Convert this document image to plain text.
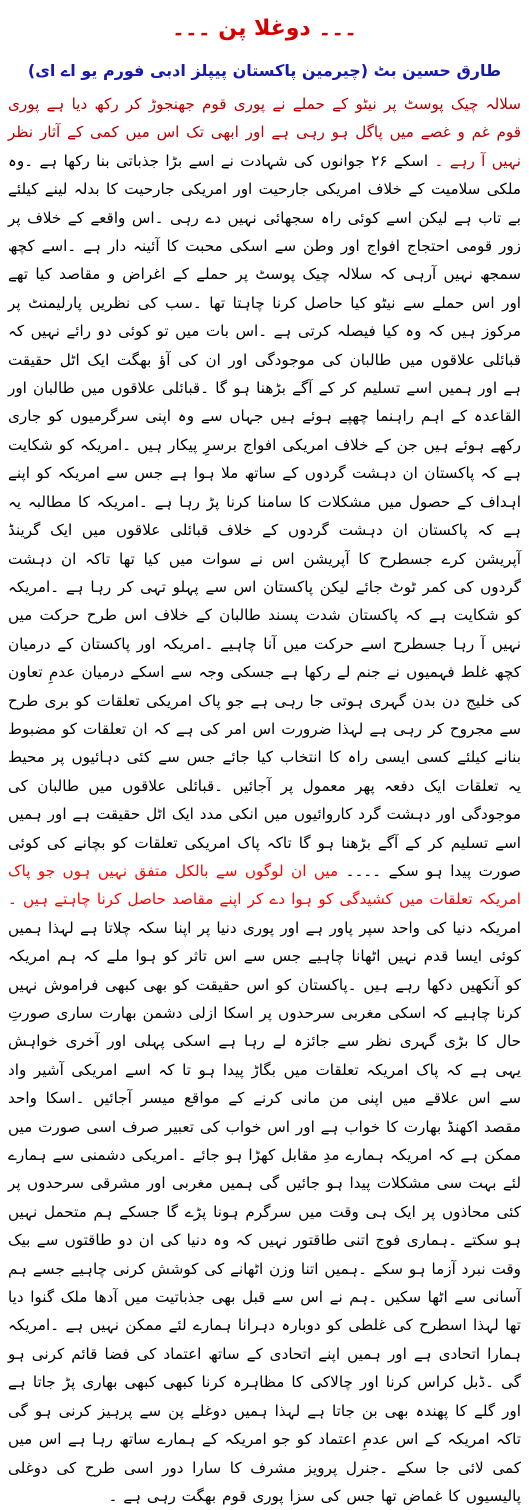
۔۔۔ دوغلا پن ۔۔۔
طارق حسین بٹ (چیرمین پاکستان پیپلز ادبی فورم یو اے ای)

سلالہ چیک پوسٹ پر نیٹو کے حملے نے پوری قوم جھنجوڑ کر رکھ دیا ہے پوری قوم غم و غصے میں پاگل ہو رہی ہے اور ابھی تک اس میں کمی کے آثار نظر نہیں آ رہے ۔ اسکے ۲۶ جوانوں کی شہادت نے اسے بڑا جذباتی بنا رکھا ہے ۔وہ ملکی سلامیت کے خلاف امریکی جارحیت اور امریکی جارحیت کا بدلہ لینے کیلئے بے تاب ہے لیکن اسے کوئی راہ سجھائی نہیں دے رہی ۔اس واقعے کے خلاف پر زور قومی احتجاج افواج اور وطن سے اسکی محبت کا آئینہ دار ہے ۔اسے کچھ سمجھ نہیں آرہی کہ سلالہ چیک پوسٹ پر حملے کے اغراض و مقاصد کیا تھے اور اس حملے سے نیٹو کیا حاصل کرنا چاہتا تھا ۔سب کی نظریں پارلیمنٹ پر مرکوز ہیں کہ وہ کیا فیصلہ کرتی ہے ۔اس بات میں تو کوئی دو رائے نہیں کہ قبائلی علاقوں میں طالبان کی موجودگی اور ان کی آؤ بھگت ایک اٹل حقیقت ہے اور ہمیں اسے تسلیم کر کے آگے بڑھنا ہو گا ۔قبائلی علاقوں میں طالبان اور القاعدہ کے اہم راہنما چھپے ہوئے ہیں جہاں سے وہ اپنی سرگرمیوں کو جاری رکھے ہوئے ہیں جن کے خلاف امریکی افواج برسرِ پیکار ہیں ۔امریکہ کو شکایت ہے کہ پاکستان ان دہشت گردوں کے ساتھ ملا ہوا ہے جس سے امریکہ کو اپنے اہداف کے حصول میں مشکلات کا سامنا کرنا پڑ رہا ہے ۔امریکہ کا مطالبہ یہ ہے کہ پاکستان ان دہشت گردوں کے خلاف قبائلی علاقوں میں ایک گرینڈ آپریشن کرے جسطرح کا آپریشن اس نے سوات میں کیا تھا تاکہ ان دہشت گردوں کی کمر ٹوٹ جائے لیکن پاکستان اس سے پہلو تہی کر رہا ہے ۔امریکہ کو شکایت ہے کہ پاکستان شدت پسند طالبان کے خلاف اس طرح حرکت میں نہیں آ رہا جسطرح اسے حرکت میں آنا چاہیے ۔امریکہ اور پاکستان کے درمیان کچھ غلط فہمیوں نے جنم لے رکھا ہے جسکی وجہ سے اسکے درمیان عدمِ تعاون کی خلیج دن بدن گہری ہوتی جا رہی ہے جو پاک امریکی تعلقات کو بری طرح سے مجروح کر رہی ہے لہذا ضرورت اس امر کی ہے کہ ان تعلقات کو مضبوط بنانے کیلئے کسی ایسی راہ کا انتخاب کیا جائے جس سے کئی دہائیوں پر محیط یہ تعلقات ایک دفعہ پھر معمول پر آجائیں ۔قبائلی علاقوں میں طالبان کی موجودگی اور دہشت گرد کاروائیوں میں انکی مدد ایک اٹل حقیقت ہے اور ہمیں اسے تسلیم کر کے آگے بڑھنا ہو گا تاکہ پاک امریکی تعلقات کو بچانے کی کوئی صورت پیدا ہو سکے ۔۔۔۔ میں ان لوگوں سے بالکل متفق نہیں ہوں جو پاک امریکہ تعلقات میں کشیدگی کو ہوا دے کر اپنے مقاصد حاصل کرنا چاہتے ہیں ۔ امریکہ دنیا کی واحد سپر پاور ہے اور پوری دنیا پر اپنا سکہ چلاتا ہے لہذا ہمیں کوئی ایسا قدم نہیں اٹھانا چاہیے جس سے اس تاثر کو ہوا ملے کہ ہم امریکہ کو آنکھیں دکھا رہے ہیں ۔پاکستان کو اس حقیقت کو بھی کبھی فراموش نہیں کرنا چاہیے کہ اسکی مغربی سرحدوں پر اسکا ازلی دشمن بھارت ساری صورتِ حال کا بڑی گہری نظر سے جائزہ لے رہا ہے اسکی پہلی اور آخری خواہش یہی ہے کہ پاک امریکہ تعلقات میں بگاڑ پیدا ہو تا کہ اسے امریکی آشیر واد سے اس علاقے میں اپنی من مانی کرنے کے مواقع میسر آجائیں ۔اسکا واحد مقصد اکھنڈ بھارت کا خواب ہے اور اس خواب کی تعبیر صرف اسی صورت میں ممکن ہے کہ امریکہ ہمارے مدِ مقابل کھڑا ہو جائے ۔امریکی دشمنی سے ہمارے لئے بہت سی مشکلات پیدا ہو جائیں گی ہمیں مغربی اور مشرقی سرحدوں پر کئی محاذوں پر ایک ہی وقت میں سرگرم ہونا پڑے گا جسکے ہم متحمل نہیں ہو سکتے ۔ہماری فوج اتنی طاقتور نہیں کہ وہ دنیا کی ان دو طاقتوں سے بیک وقت نبرد آزما ہو سکے ۔ہمیں اتنا وزن اٹھانے کی کوشش کرنی چاہیے جسے ہم آسانی سے اٹھا سکیں ۔ہم نے اس سے قبل بھی جذباتیت میں آدھا ملک گنوا دیا تھا لہذا اسطرح کی غلطی کو دوبارہ دہرانا ہمارے لئے ممکن نہیں ہے ۔امریکہ ہمارا اتحادی ہے اور ہمیں اپنے اتحادی کے ساتھ اعتماد کی فضا قائم کرنی ہو گی ۔ڈبل کراس کرنا اور چالاکی کا مظاہرہ کرنا کبھی کبھی بھاری پڑ جاتا ہے اور گلے کا پھندہ بھی بن جاتا ہے لہذا ہمیں دوغلے پن سے پرہیز کرنی ہو گی تاکہ امریکہ کے اس عدمِ اعتماد کو جو امریکہ کے ہمارے ساتھ رہا ہے اس میں کمی لائی جا سکے ۔جنرل پرویز مشرف کا سارا دور اسی طرح کی دوغلی پالیسیوں کا غماض تھا جس کی سزا پوری قوم بھگت رہی ہے ۔
